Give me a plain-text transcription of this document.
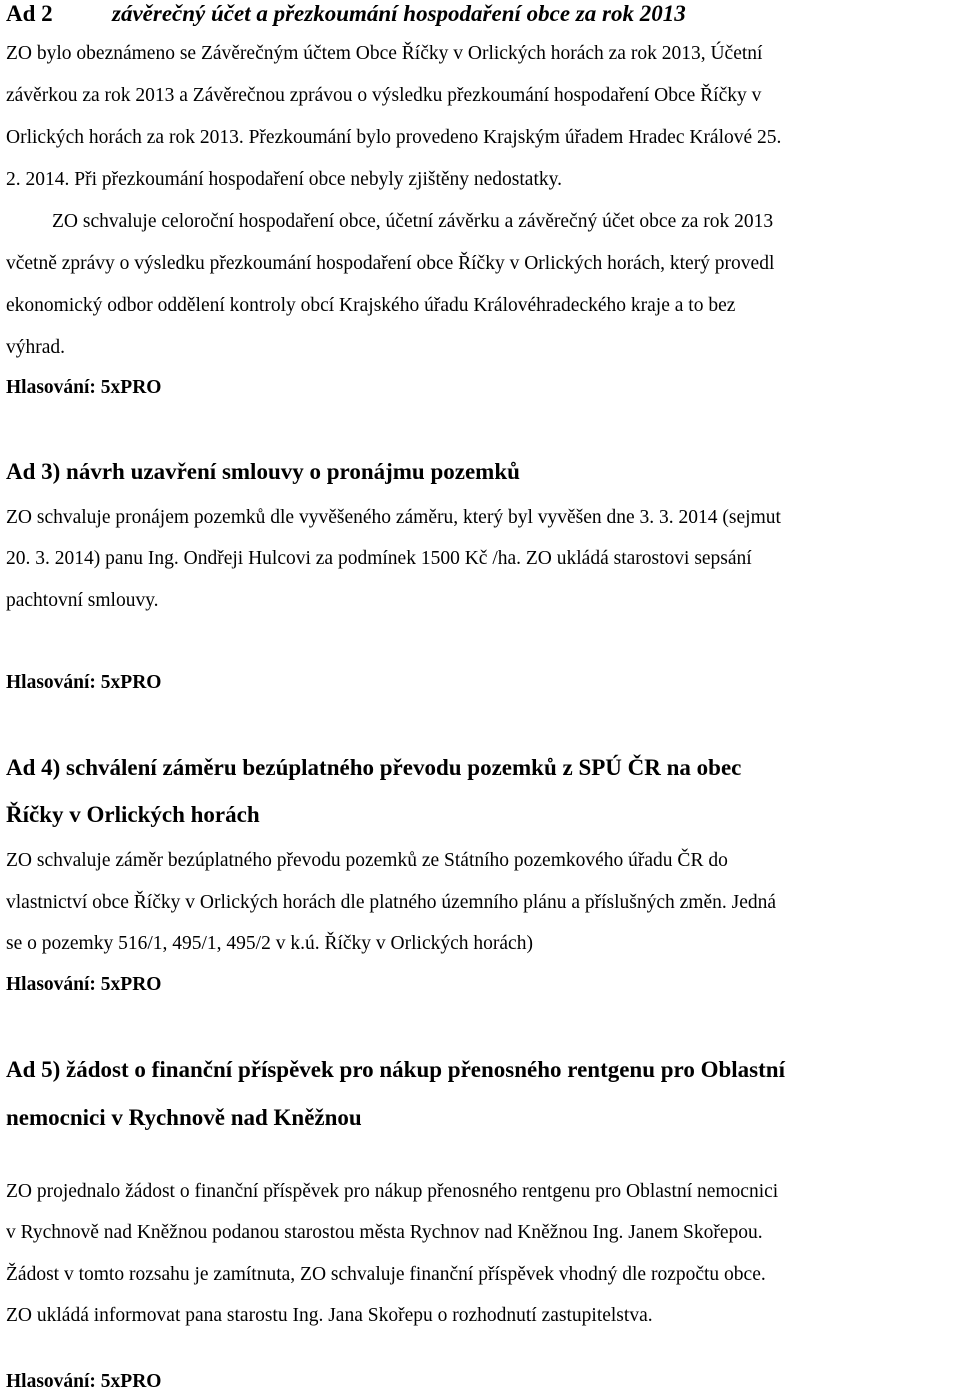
Ad 2	závěrečný účet a přezkoumání hospodaření obce za rok 2013
ZO bylo obeznámeno se Závěrečným účtem Obce Říčky v Orlických horách za rok 2013, Účetní
závěrkou za rok 2013 a Závěrečnou zprávou o výsledku přezkoumání hospodaření Obce Říčky v
Orlických horách za rok 2013. Přezkoumání bylo provedeno Krajským úřadem Hradec Králové 25.
2. 2014. Při přezkoumání hospodaření obce nebyly zjištěny nedostatky.
ZO schvaluje celoroční hospodaření obce, účetní závěrku a závěrečný účet obce za rok 2013
včetně zprávy o výsledku přezkoumání hospodaření obce Říčky v Orlických horách, který provedl
ekonomický odbor oddělení kontroly obcí Krajského úřadu Královéhradeckého kraje a to bez
výhrad.
Hlasování: 5xPRO
Ad 3) návrh uzavření smlouvy o pronájmu pozemků
ZO schvaluje pronájem pozemků dle vyvěšeného záměru, který byl vyvěšen dne 3. 3. 2014 (sejmut
20. 3. 2014) panu Ing. Ondřeji Hulcovi za podmínek 1500 Kč /ha. ZO ukládá starostovi sepsání
pachtovní smlouvy.
Hlasování: 5xPRO
Ad 4) schválení záměru bezúplatného převodu pozemků z SPÚ ČR na obec
Říčky v Orlických horách
ZO schvaluje záměr bezúplatného převodu pozemků ze Státního pozemkového úřadu ČR do
vlastnictví obce Říčky v Orlických horách dle platného územního plánu a příslušných změn. Jedná
se o pozemky 516/1, 495/1, 495/2 v k.ú. Říčky v Orlických horách)
Hlasování: 5xPRO
Ad 5) žádost o finanční příspěvek pro nákup přenosného rentgenu pro Oblastní
nemocnici v Rychnově nad Kněžnou
ZO projednalo žádost o finanční příspěvek pro nákup přenosného rentgenu pro Oblastní nemocnici
v Rychnově nad Kněžnou podanou starostou města Rychnov nad Kněžnou Ing. Janem Skořepou.
Žádost v tomto rozsahu je zamítnuta, ZO schvaluje finanční příspěvek vhodný dle rozpočtu obce.
ZO ukládá informovat pana starostu Ing. Jana Skořepu o rozhodnutí zastupitelstva.
Hlasování: 5xPRO
